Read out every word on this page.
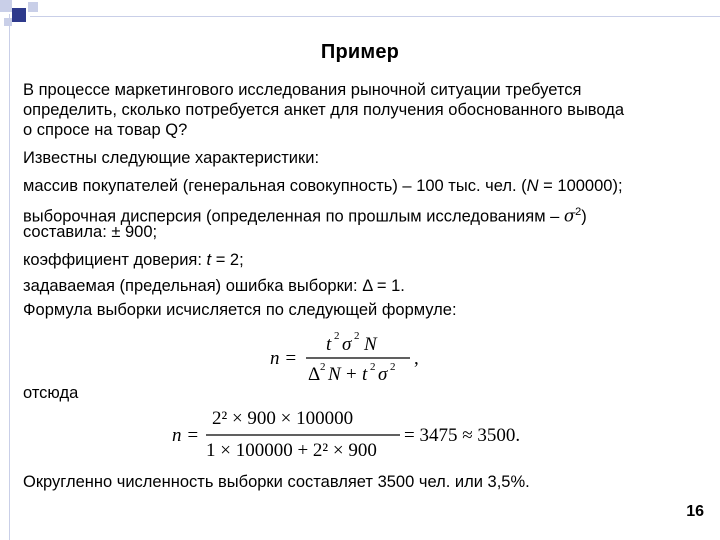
Пример
В процессе маркетингового исследования рыночной ситуации требуется
определить, сколько потребуется анкет для получения обоснованного вывода
о спросе на товар Q?
Известны следующие характеристики:
массив покупателей (генеральная совокупность) – 100 тыс. чел. (N = 100000);
выборочная дисперсия (определенная по прошлым исследованиям – $\sigma^2$)
составила: ± 900;
коэффициент доверия: t = 2;
задаваемая (предельная) ошибка выборки: Δ = 1.
Формула выборки исчисляется по следующей формуле:
n =
t 2 σ 2 N
Δ 2 N + t 2 σ 2 ,
отсюда
n =
2² × 900 × 100000
1 × 100000 + 2² × 900
= 3475 ≈ 3500.
Округленно численность выборки составляет 3500 чел. или 3,5%.
16
